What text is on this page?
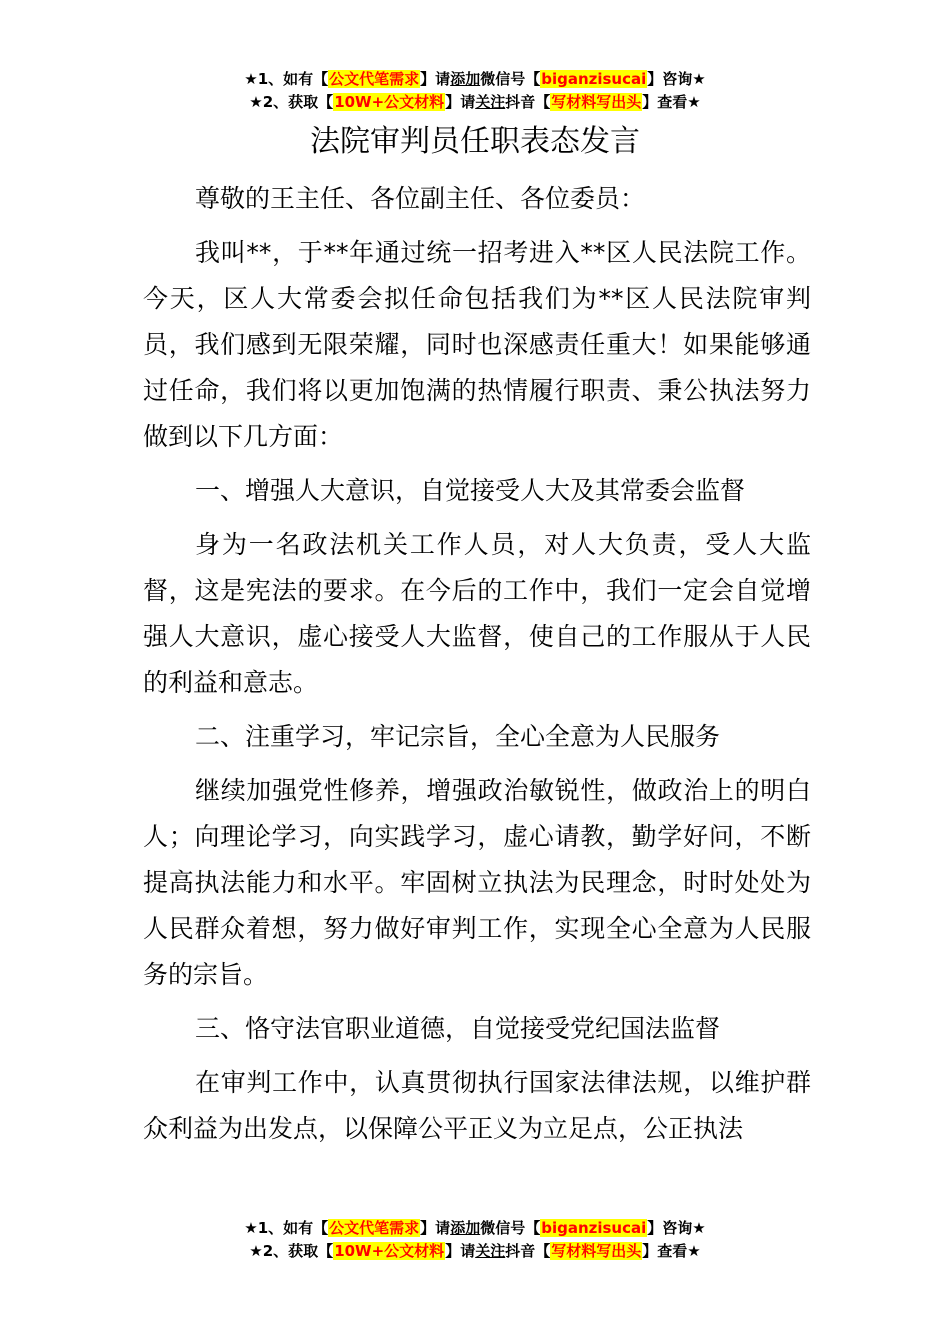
★1、如有【公文代笔需求】请添加微信号【biganzisucai】咨询★
★2、获取【10W+公文材料】请关注抖音【写材料写出头】查看★
法院审判员任职表态发言

尊敬的王主任、各位副主任、各位委员：

我叫**，于**年通过统一招考进入**区人民法院工作。今天，区人大常委会拟任命包括我们为**区人民法院审判员，我们感到无限荣耀，同时也深感责任重大！如果能够通过任命，我们将以更加饱满的热情履行职责、秉公执法努力做到以下几方面：

一、增强人大意识，自觉接受人大及其常委会监督

身为一名政法机关工作人员，对人大负责，受人大监督，这是宪法的要求。在今后的工作中，我们一定会自觉增强人大意识，虚心接受人大监督，使自己的工作服从于人民的利益和意志。

二、注重学习，牢记宗旨，全心全意为人民服务

继续加强党性修养，增强政治敏锐性，做政治上的明白人；向理论学习，向实践学习，虚心请教，勤学好问，不断提高执法能力和水平。牢固树立执法为民理念，时时处处为人民群众着想，努力做好审判工作，实现全心全意为人民服务的宗旨。

三、恪守法官职业道德，自觉接受党纪国法监督

在审判工作中，认真贯彻执行国家法律法规，以维护群众利益为出发点，以保障公平正义为立足点，公正执法

★1、如有【公文代笔需求】请添加微信号【biganzisucai】咨询★
★2、获取【10W+公文材料】请关注抖音【写材料写出头】查看★
